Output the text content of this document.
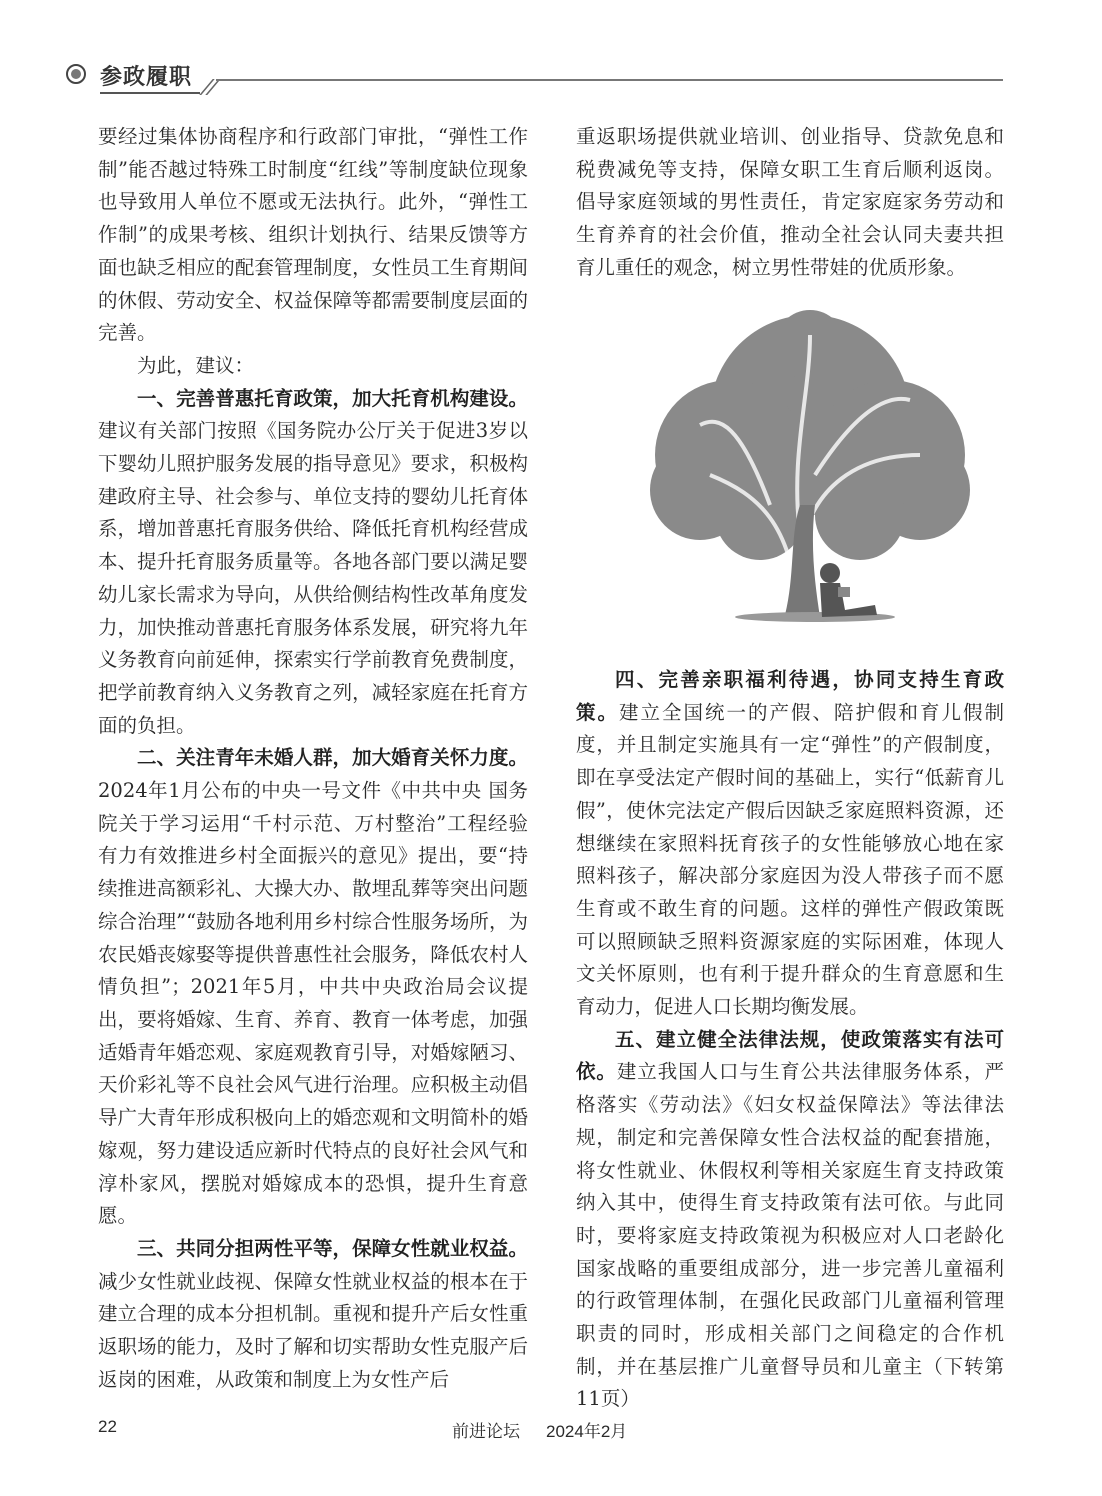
参政履职

要经过集体协商程序和行政部门审批，“弹性工作制”能否越过特殊工时制度“红线”等制度缺位现象也导致用人单位不愿或无法执行。此外，“弹性工作制”的成果考核、组织计划执行、结果反馈等方面也缺乏相应的配套管理制度，女性员工生育期间的休假、劳动安全、权益保障等都需要制度层面的完善。

为此，建议：

一、完善普惠托育政策，加大托育机构建设。建议有关部门按照《国务院办公厅关于促进3岁以下婴幼儿照护服务发展的指导意见》要求，积极构建政府主导、社会参与、单位支持的婴幼儿托育体系，增加普惠托育服务供给、降低托育机构经营成本、提升托育服务质量等。各地各部门要以满足婴幼儿家长需求为导向，从供给侧结构性改革角度发力，加快推动普惠托育服务体系发展，研究将九年义务教育向前延伸，探索实行学前教育免费制度，把学前教育纳入义务教育之列，减轻家庭在托育方面的负担。

二、关注青年未婚人群，加大婚育关怀力度。2024年1月公布的中央一号文件《中共中央 国务院关于学习运用“千村示范、万村整治”工程经验 有力有效推进乡村全面振兴的意见》提出，要“持续推进高额彩礼、大操大办、散埋乱葬等突出问题综合治理”“鼓励各地利用乡村综合性服务场所，为农民婚丧嫁娶等提供普惠性社会服务，降低农村人情负担”；2021年5月，中共中央政治局会议提出，要将婚嫁、生育、养育、教育一体考虑，加强适婚青年婚恋观、家庭观教育引导，对婚嫁陋习、天价彩礼等不良社会风气进行治理。应积极主动倡导广大青年形成积极向上的婚恋观和文明简朴的婚嫁观，努力建设适应新时代特点的良好社会风气和淳朴家风，摆脱对婚嫁成本的恐惧，提升生育意愿。

三、共同分担两性平等，保障女性就业权益。减少女性就业歧视、保障女性就业权益的根本在于建立合理的成本分担机制。重视和提升产后女性重返职场的能力，及时了解和切实帮助女性克服产后返岗的困难，从政策和制度上为女性产后

重返职场提供就业培训、创业指导、贷款免息和税费减免等支持，保障女职工生育后顺利返岗。倡导家庭领域的男性责任，肯定家庭家务劳动和生育养育的社会价值，推动全社会认同夫妻共担育儿重任的观念，树立男性带娃的优质形象。

四、完善亲职福利待遇，协同支持生育政策。建立全国统一的产假、陪护假和育儿假制度，并且制定实施具有一定“弹性”的产假制度，即在享受法定产假时间的基础上，实行“低薪育儿假”，使休完法定产假后因缺乏家庭照料资源，还想继续在家照料抚育孩子的女性能够放心地在家照料孩子，解决部分家庭因为没人带孩子而不愿生育或不敢生育的问题。这样的弹性产假政策既可以照顾缺乏照料资源家庭的实际困难，体现人文关怀原则，也有利于提升群众的生育意愿和生育动力，促进人口长期均衡发展。

五、建立健全法律法规，使政策落实有法可依。建立我国人口与生育公共法律服务体系，严格落实《劳动法》《妇女权益保障法》等法律法规，制定和完善保障女性合法权益的配套措施，将女性就业、休假权利等相关家庭生育支持政策纳入其中，使得生育支持政策有法可依。与此同时，要将家庭支持政策视为积极应对人口老龄化国家战略的重要组成部分，进一步完善儿童福利的行政管理体制，在强化民政部门儿童福利管理职责的同时，形成相关部门之间稳定的合作机制，并在基层推广儿童督导员和儿童主（下转第11页）

22	前进论坛 2024年2月
